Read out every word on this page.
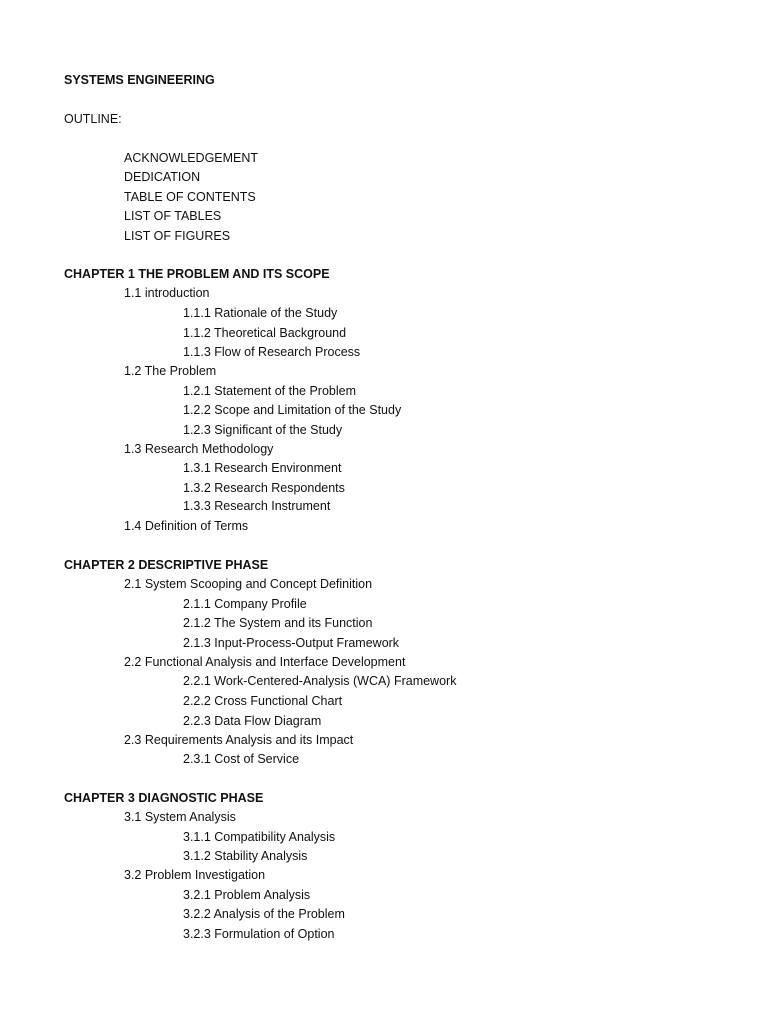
SYSTEMS ENGINEERING
OUTLINE:
ACKNOWLEDGEMENT
DEDICATION
TABLE OF CONTENTS
LIST OF TABLES
LIST OF FIGURES
CHAPTER 1 THE PROBLEM AND ITS SCOPE
1.1 introduction
1.1.1 Rationale of the Study
1.1.2 Theoretical Background
1.1.3 Flow of Research Process
1.2 The Problem
1.2.1 Statement of the Problem
1.2.2 Scope and Limitation of the Study
1.2.3 Significant of the Study
1.3 Research Methodology
1.3.1 Research Environment
1.3.2 Research Respondents
1.3.3 Research Instrument
1.4 Definition of Terms
CHAPTER 2 DESCRIPTIVE PHASE
2.1 System Scooping and Concept Definition
2.1.1 Company Profile
2.1.2 The System and its Function
2.1.3 Input-Process-Output Framework
2.2 Functional Analysis and Interface Development
2.2.1 Work-Centered-Analysis (WCA) Framework
2.2.2 Cross Functional Chart
2.2.3 Data Flow Diagram
2.3 Requirements Analysis and its Impact
2.3.1 Cost of Service
CHAPTER 3 DIAGNOSTIC PHASE
3.1 System Analysis
3.1.1 Compatibility Analysis
3.1.2 Stability Analysis
3.2 Problem Investigation
3.2.1 Problem Analysis
3.2.2 Analysis of the Problem
3.2.3 Formulation of Option
